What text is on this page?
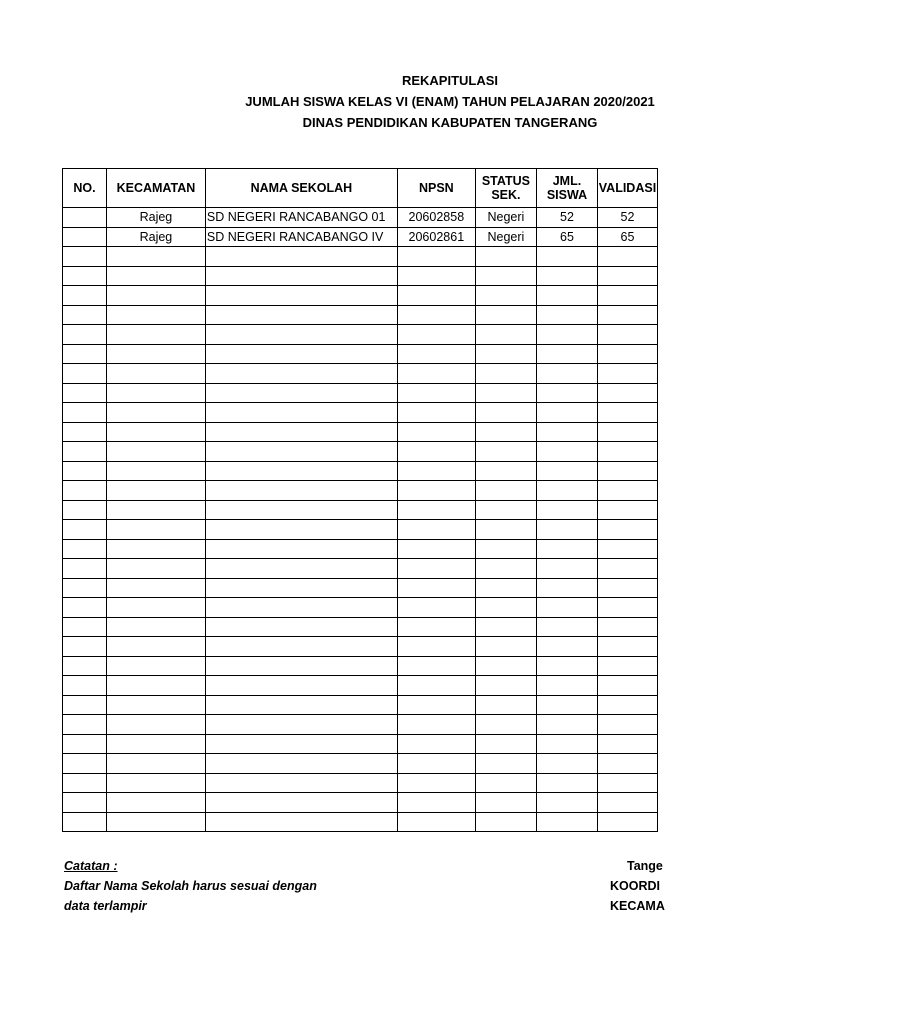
REKAPITULASI
JUMLAH SISWA KELAS VI (ENAM) TAHUN PELAJARAN 2020/2021
DINAS PENDIDIKAN KABUPATEN TANGERANG
NO.	KECAMATAN	NAMA SEKOLAH	NPSN	STATUS SEK.	JML. SISWA	VALIDASI
	Rajeg	SD NEGERI RANCABANGO 01	20602858	Negeri	52	52
	Rajeg	SD NEGERI RANCABANGO IV	20602861	Negeri	65	65

Catatan :
Daftar Nama Sekolah harus sesuai dengan
data terlampir
Tange
KOORDI
KECAMA
